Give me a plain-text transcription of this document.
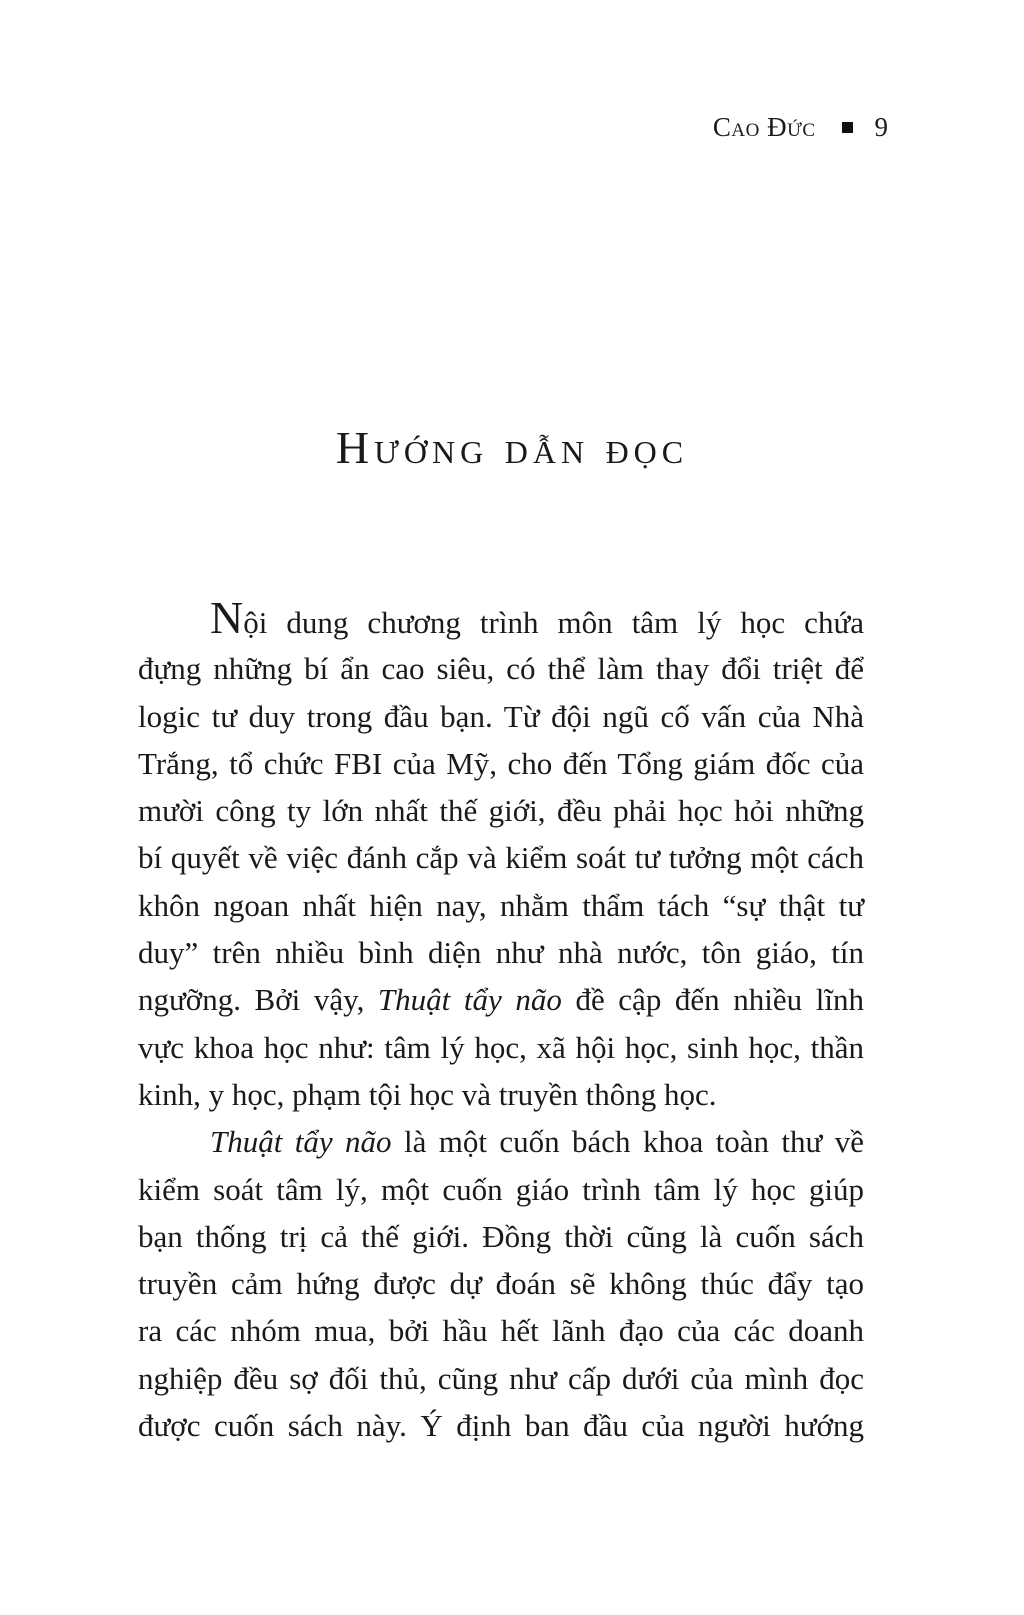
Cao Đức 9
Hướng dẫn đọc
Nội dung chương trình môn tâm lý học chứa
đựng những bí ẩn cao siêu, có thể làm thay đổi triệt để
logic tư duy trong đầu bạn. Từ đội ngũ cố vấn của Nhà
Trắng, tổ chức FBI của Mỹ, cho đến Tổng giám đốc của
mười công ty lớn nhất thế giới, đều phải học hỏi những
bí quyết về việc đánh cắp và kiểm soát tư tưởng một cách
khôn ngoan nhất hiện nay, nhằm thẩm tách “sự thật tư
duy” trên nhiều bình diện như nhà nước, tôn giáo, tín
ngưỡng. Bởi vậy, Thuật tẩy não đề cập đến nhiều lĩnh
vực khoa học như: tâm lý học, xã hội học, sinh học, thần
kinh, y học, phạm tội học và truyền thông học.
Thuật tẩy não là một cuốn bách khoa toàn thư về
kiểm soát tâm lý, một cuốn giáo trình tâm lý học giúp
bạn thống trị cả thế giới. Đồng thời cũng là cuốn sách
truyền cảm hứng được dự đoán sẽ không thúc đẩy tạo
ra các nhóm mua, bởi hầu hết lãnh đạo của các doanh
nghiệp đều sợ đối thủ, cũng như cấp dưới của mình đọc
được cuốn sách này. Ý định ban đầu của người hướng
